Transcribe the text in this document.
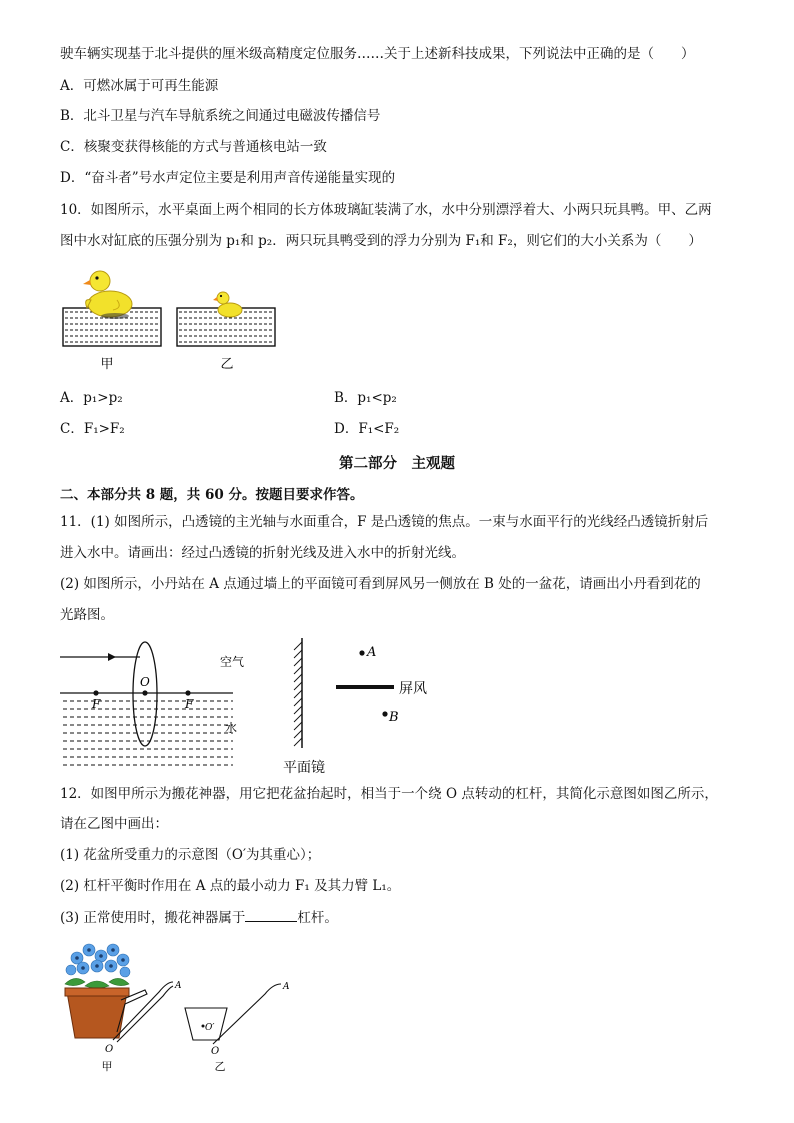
驶车辆实现基于北斗提供的厘米级高精度定位服务……关于上述新科技成果，下列说法中正确的是（　　）
A．可燃冰属于可再生能源
B．北斗卫星与汽车导航系统之间通过电磁波传播信号
C．核聚变获得核能的方式与普通核电站一致
D．“奋斗者”号水声定位主要是利用声音传递能量实现的
10．如图所示，水平桌面上两个相同的长方体玻璃缸装满了水，水中分别漂浮着大、小两只玩具鸭。甲、乙两
图中水对缸底的压强分别为 p₁和 p₂．两只玩具鸭受到的浮力分别为 F₁和 F₂，则它们的大小关系为（　　）
甲	乙
A．p₁>p₂	B．p₁<p₂
C．F₁>F₂	D．F₁<F₂
第二部分　主观题
二、本部分共 8 题，共 60 分。按题目要求作答。
11．(1) 如图所示，凸透镜的主光轴与水面重合，F 是凸透镜的焦点。一束与水面平行的光线经凸透镜折射后
进入水中。请画出：经过凸透镜的折射光线及进入水中的折射光线。
(2) 如图所示，小丹站在 A 点通过墙上的平面镜可看到屏风另一侧放在 B 处的一盆花，请画出小丹看到花的
光路图。
O
F	F
空气
水
A
B
屏风
平面镜
12．如图甲所示为搬花神器，用它把花盆抬起时，相当于一个绕 O 点转动的杠杆，其简化示意图如图乙所示，
请在乙图中画出：
(1) 花盆所受重力的示意图（O′为其重心）；
(2) 杠杆平衡时作用在 A 点的最小动力 F₁ 及其力臂 L₁。
(3) 正常使用时，搬花神器属于	杠杆。
A
O
甲
O′
A
O
乙
